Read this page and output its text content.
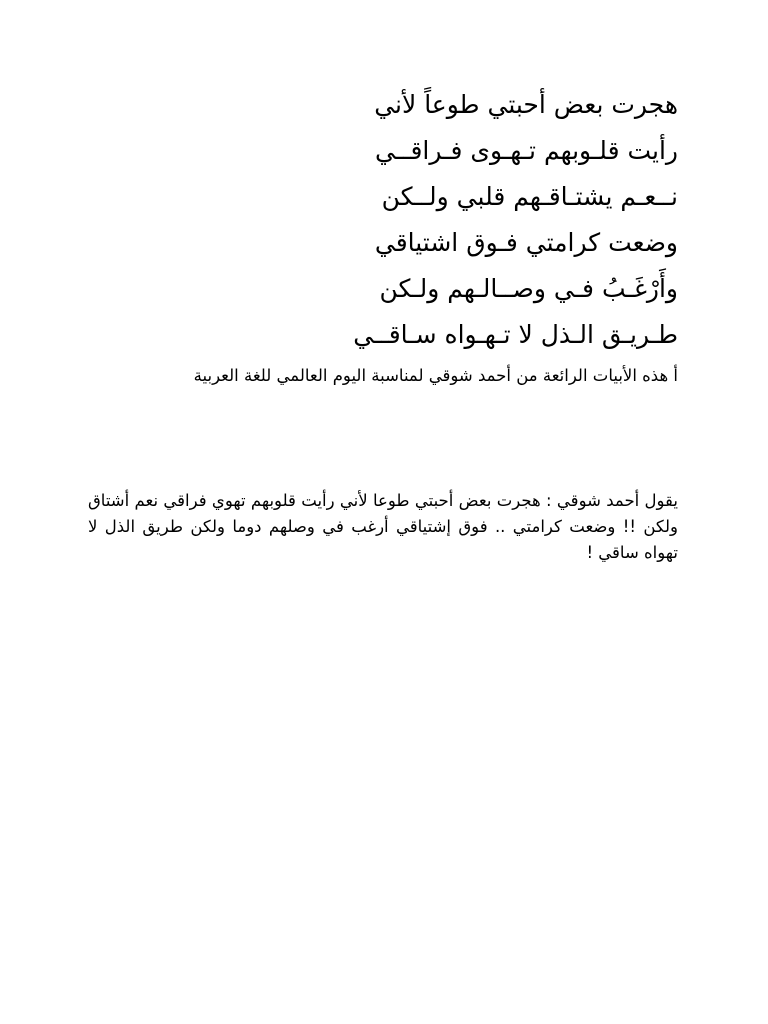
هجرت بعض أحبتي طوعاً لأني
رأيت قلـوبهم تـهـوى فـراقــي
نــعـم يشتـاقـهم قلبي ولــكن
وضعت كرامتي فـوق اشتياقي
وأَرْغَـبُ فـي وصــالـهم ولـكن
طـريـق الـذل لا تـهـواه سـاقــي
أ هذه الأبيات الرائعة من أحمد شوقي لمناسبة اليوم العالمي للغة العربية
يقول أحمد شوقي : هجرت بعض أحبتي طوعا لأني رأيت قلوبهم تهوي فراقي نعم أشتاق ولكن !! وضعت كرامتي .. فوق إشتياقي أرغب في وصلهم دوما ولكن طريق الذل لا تهواه ساقي !
